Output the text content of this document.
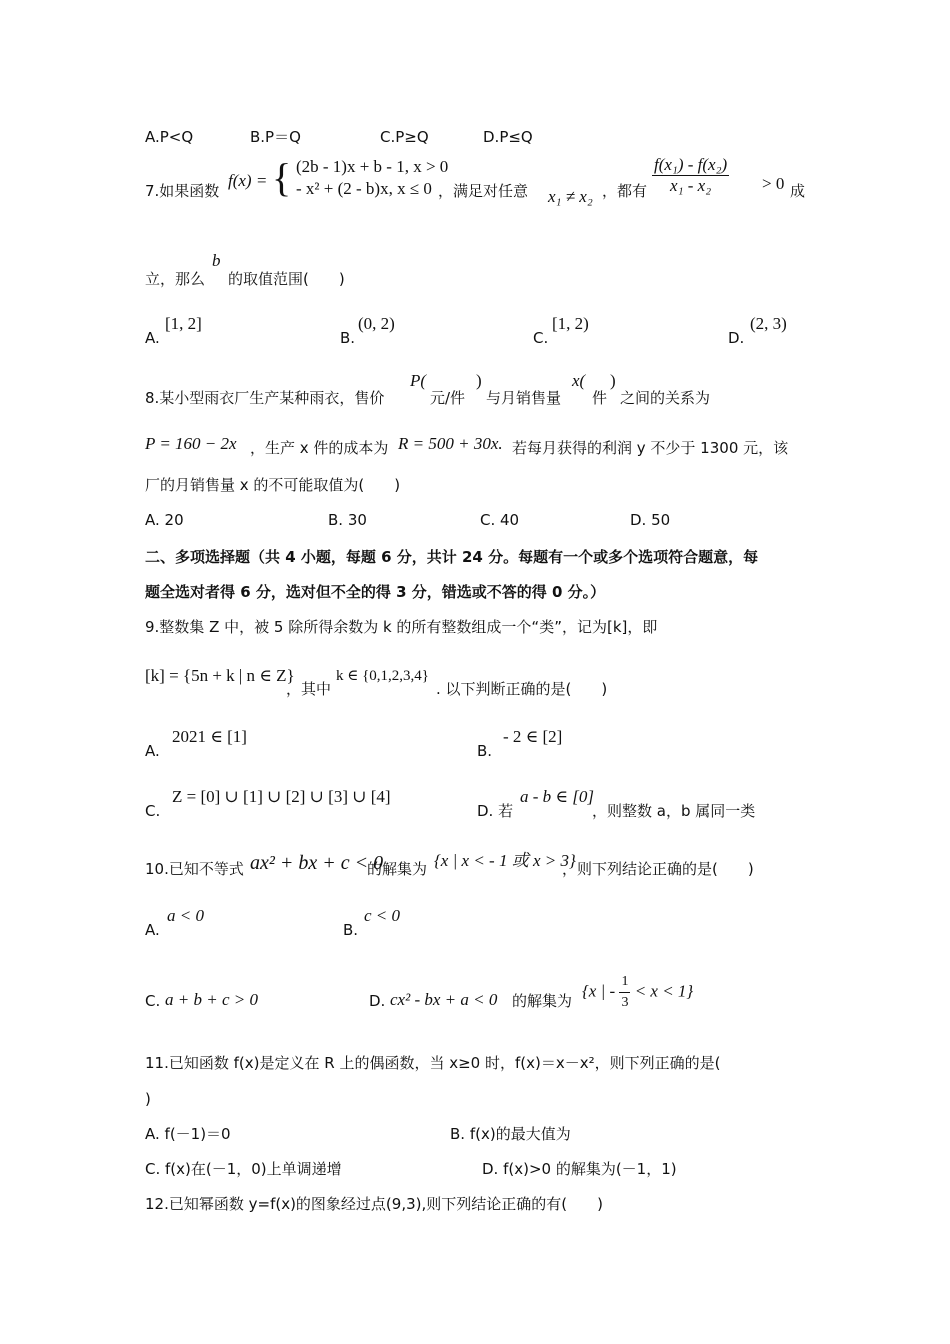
A.P<Q	B.P＝Q	C.P≥Q	D.P≤Q
7.如果函数
f(x) = { (2b - 1)x + b - 1, x > 0
- x² + (2 - b)x, x ≤ 0 ，满足对任意 x₁ ≠ x₂ ，都有 $\frac{\text{f(x₁) - f(x₂)}}{\text{x₁ - x₂}} > 0$ 成
立，那么
b
的取值范围(　　)
A.
[1, 2]
B.
(0, 2)
C.
[1, 2)
D.
(2, 3)
8.某小型雨衣厂生产某种雨衣，售价
P(
元/件
)
与月销售量
x(
件
)
之间的关系为
P = 160 − 2x ，生产 x 件的成本为 R = 500 + 30x. 若每月获得的利润 y 不少于 1300 元，该
厂的月销售量 x 的不可能取值为(　　)
A. 20	B. 30	C. 40	D. 50
二、多项选择题（共 4 小题，每题 6 分，共计 24 分。每题有一个或多个选项符合题意，每
题全选对者得 6 分，选对但不全的得 3 分，错选或不答的得 0 分。）
9.整数集 Z 中，被 5 除所得余数为 k 的所有整数组成一个“类”，记为[k]，即
[k] = {5n + k | n ∈ Z}
，其中
k ∈ {0,1,2,3,4}
. 以下判断正确的是(　　)
A.
2021 ∈ [1]
B.
- 2 ∈ [2]
C.
Z = [0] ∪ [1] ∪ [2] ∪ [3] ∪ [4]
D. 若
a - b ∈ [0]
，则整数 a，b 属同一类
10.已知不等式 ax² + bx + c < 0
的解集为 {x | x < - 1 或 x > 3}
，则下列结论正确的是(　　)
A.
a < 0
B.
c < 0
C. a + b + c > 0	D. cx² - bx + a < 0 的解集为
{x | - $\frac{1}{3} < x < 1$}
11.已知函数 f(x)是定义在 R 上的偶函数，当 x≥0 时，f(x)＝x－x²，则下列正确的是(
)
A. f(－1)＝0	B. f(x)的最大值为
C. f(x)在(－1，0)上单调递增	D. f(x)>0 的解集为(－1，1)
12.已知幂函数 y=f(x)的图象经过点(9,3),则下列结论正确的有(　　)
